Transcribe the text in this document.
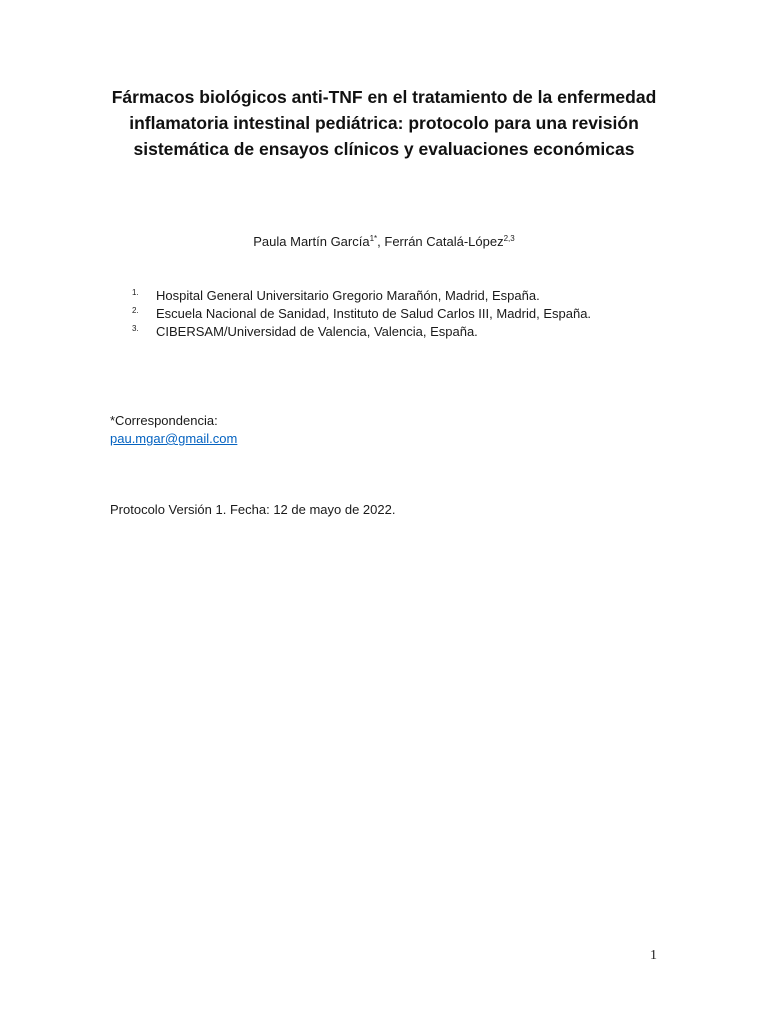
Fármacos biológicos anti-TNF en el tratamiento de la enfermedad inflamatoria intestinal pediátrica: protocolo para una revisión sistemática de ensayos clínicos y evaluaciones económicas
Paula Martín García$^{1*}$, Ferrán Catalá-López$^{2,3}$
1. Hospital General Universitario Gregorio Marañón, Madrid, España.
2. Escuela Nacional de Sanidad, Instituto de Salud Carlos III, Madrid, España.
3. CIBERSAM/Universidad de Valencia, Valencia, España.
*Correspondencia:
pau.mgar@gmail.com
Protocolo Versión 1. Fecha: 12 de mayo de 2022.
1
